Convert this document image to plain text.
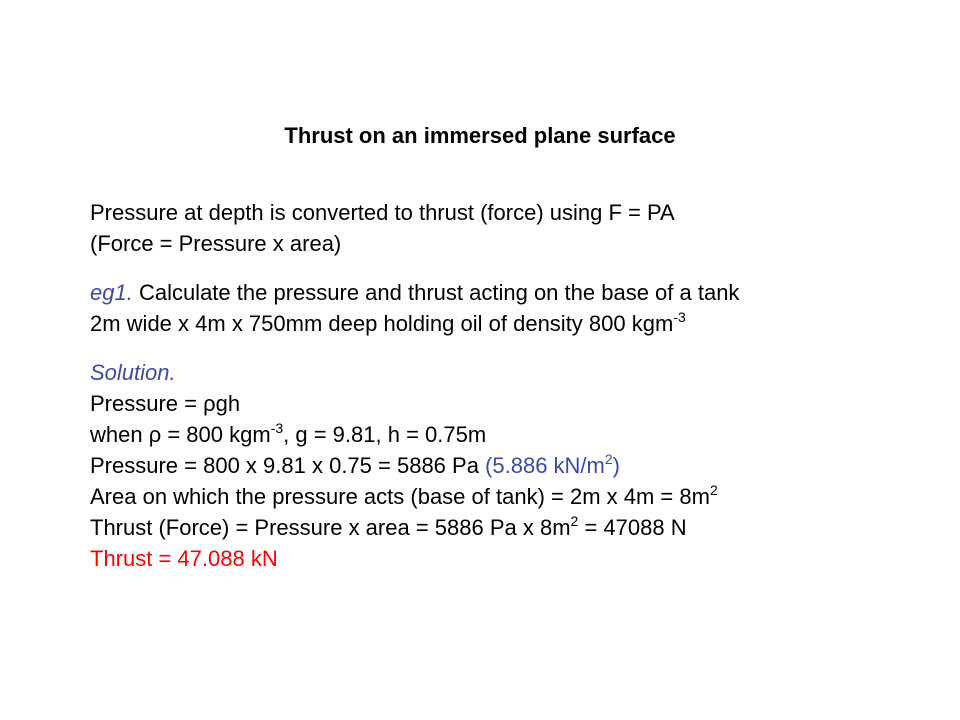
Thrust on an immersed plane surface
Pressure at depth is converted to thrust (force) using F = PA
(Force = Pressure x area)
eg1. Calculate the pressure and thrust acting on the base of a tank
2m wide x 4m x 750mm deep holding oil of density 800 kgm$^{-3}$
Solution.
Pressure = ρgh
when ρ = 800 kgm$^{-3}$, g = 9.81, h = 0.75m
Pressure = 800 x 9.81 x 0.75 = 5886 Pa (5.886 $kN/m^2$)
Area on which the pressure acts (base of tank) = 2m x $4m = 8m^2$
Thrust (Force) = Pressure x area = 5886 Pa x $8m^2 = 47088$ N
Thrust = 47.088 kN
